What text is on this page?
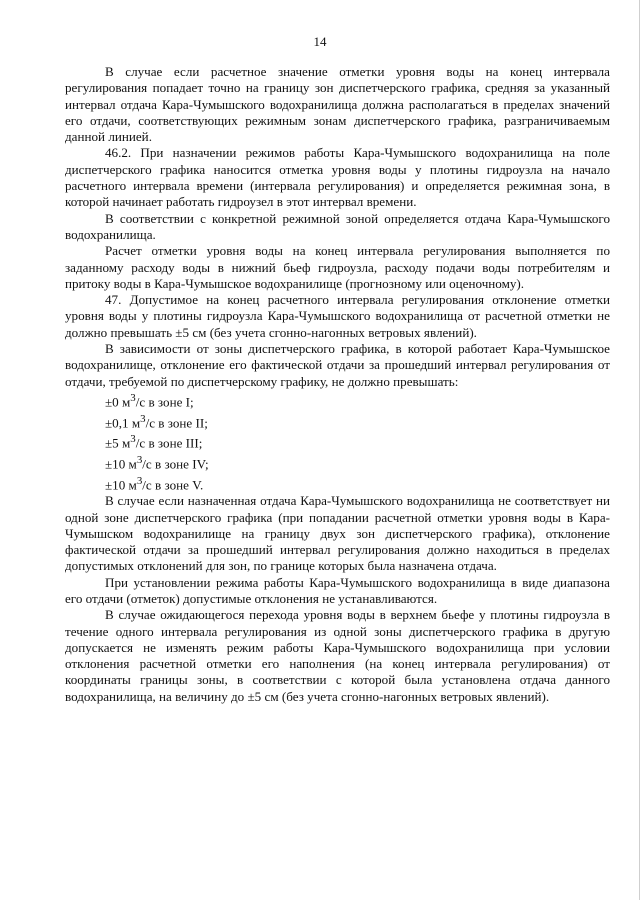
14

В случае если расчетное значение отметки уровня воды на конец интервала регулирования попадает точно на границу зон диспетчерского графика, средняя за указанный интервал отдача Кара-Чумышского водохранилища должна располагаться в пределах значений его отдачи, соответствующих режимным зонам диспетчерского графика, разграничиваемым данной линией.

46.2. При назначении режимов работы Кара-Чумышского водохранилища на поле диспетчерского графика наносится отметка уровня воды у плотины гидроузла на начало расчетного интервала времени (интервала регулирования) и определяется режимная зона, в которой начинает работать гидроузел в этот интервал времени.

В соответствии с конкретной режимной зоной определяется отдача Кара-Чумышского водохранилища.

Расчет отметки уровня воды на конец интервала регулирования выполняется по заданному расходу воды в нижний бьеф гидроузла, расходу подачи воды потребителям и притоку воды в Кара-Чумышское водохранилище (прогнозному или оценочному).

47. Допустимое на конец расчетного интервала регулирования отклонение отметки уровня воды у плотины гидроузла Кара-Чумышского водохранилища от расчетной отметки не должно превышать ±5 см (без учета сгонно-нагонных ветровых явлений).

В зависимости от зоны диспетчерского графика, в которой работает Кара-Чумышское водохранилище, отклонение его фактической отдачи за прошедший интервал регулирования от отдачи, требуемой по диспетчерскому графику, не должно превышать:

±0 $м^3/с$ в зоне I;
±0,1 $м^3/с$ в зоне II;
±5 $м^3/с$ в зоне III;
±10 $м^3/с$ в зоне IV;
±10 $м^3/с$ в зоне V.

В случае если назначенная отдача Кара-Чумышского водохранилища не соответствует ни одной зоне диспетчерского графика (при попадании расчетной отметки уровня воды в Кара-Чумышском водохранилище на границу двух зон диспетчерского графика), отклонение фактической отдачи за прошедший интервал регулирования должно находиться в пределах допустимых отклонений для зон, по границе которых была назначена отдача.

При установлении режима работы Кара-Чумышского водохранилища в виде диапазона его отдачи (отметок) допустимые отклонения не устанавливаются.

В случае ожидающегося перехода уровня воды в верхнем бьефе у плотины гидроузла в течение одного интервала регулирования из одной зоны диспетчерского графика в другую допускается не изменять режим работы Кара-Чумышского водохранилища при условии отклонения расчетной отметки его наполнения (на конец интервала регулирования) от координаты границы зоны, в соответствии с которой была установлена отдача данного водохранилища, на величину до ±5 см (без учета сгонно-нагонных ветровых явлений).
